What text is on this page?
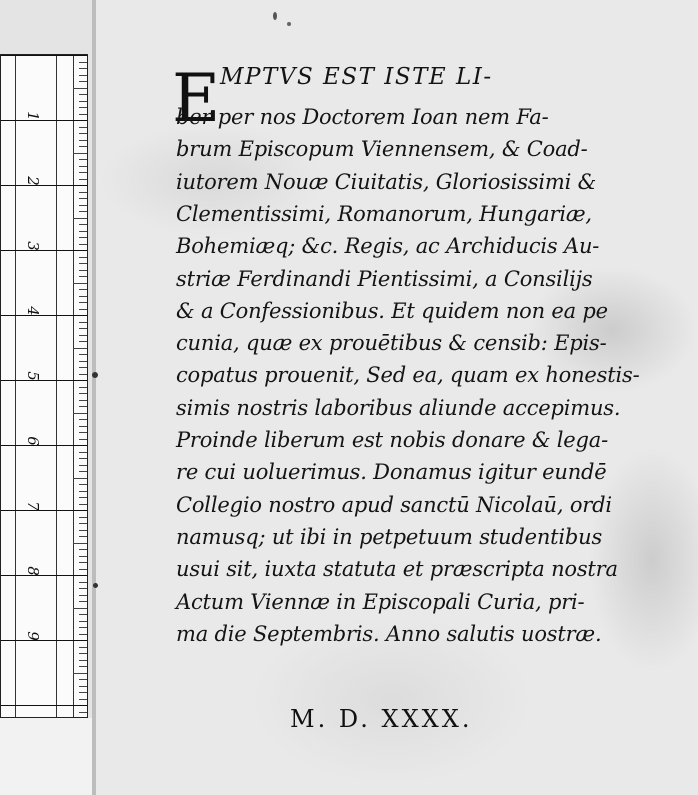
1
2
3
4
5
6
7
8
9
E MPTVS EST ISTE LI-
ber per nos Doctorem Ioan nem Fa-
brum Episcopum Viennensem, & Coad-
iutorem Nouæ Ciuitatis, Gloriosissimi &
Clementissimi, Romanorum, Hungariæ,
Bohemiæq; &c. Regis, ac Archiducis Au-
striæ Ferdinandi Pientissimi, a Consilijs
& a Confessionibus. Et quidem non ea pe
cunia, quæ ex prouētibus & censib: Epis-
copatus prouenit, Sed ea, quam ex honestis-
simis nostris laboribus aliunde accepimus.
Proinde liberum est nobis donare & lega-
re cui uoluerimus. Donamus igitur eundē
Collegio nostro apud sanctū Nicolaū, ordi
namusq; ut ibi in petpetuum studentibus
usui sit, iuxta statuta et præscripta nostra
Actum Viennæ in Episcopali Curia, pri-
ma die Septembris. Anno salutis uostræ.
M. D. XXXX.
